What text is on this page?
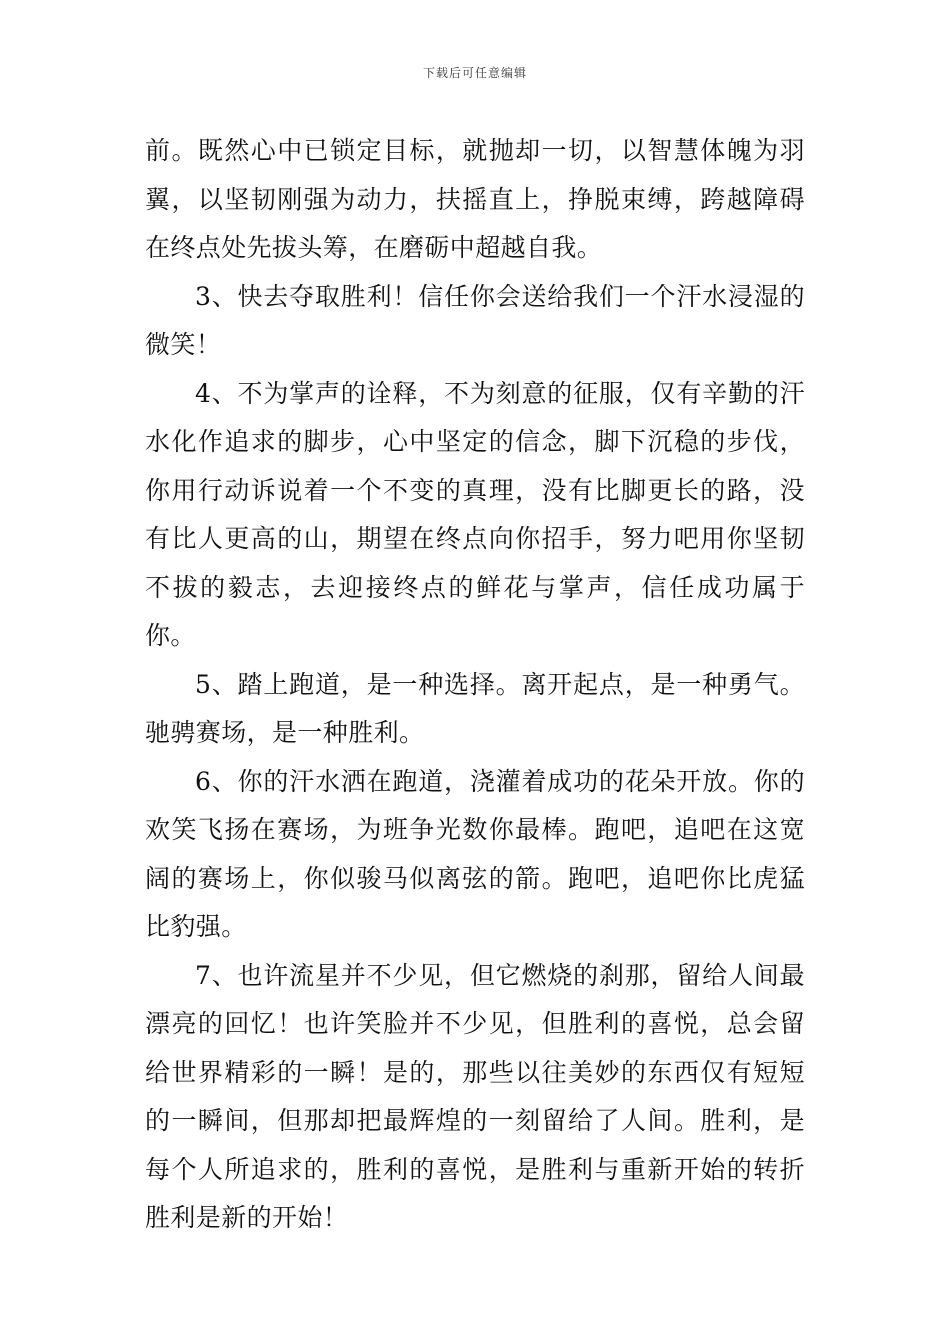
下载后可任意编辑

前。既然心中已锁定目标，就抛却一切，以智慧体魄为羽翼，以坚韧刚强为动力，扶摇直上，挣脱束缚，跨越障碍在终点处先拔头筹，在磨砺中超越自我。

3、快去夺取胜利！信任你会送给我们一个汗水浸湿的微笑！

4、不为掌声的诠释，不为刻意的征服，仅有辛勤的汗水化作追求的脚步，心中坚定的信念，脚下沉稳的步伐，你用行动诉说着一个不变的真理，没有比脚更长的路，没有比人更高的山，期望在终点向你招手，努力吧用你坚韧不拔的毅志，去迎接终点的鲜花与掌声，信任成功属于你。

5、踏上跑道，是一种选择。离开起点，是一种勇气。驰骋赛场，是一种胜利。

6、你的汗水洒在跑道，浇灌着成功的花朵开放。你的欢笑飞扬在赛场，为班争光数你最棒。跑吧，追吧在这宽阔的赛场上，你似骏马似离弦的箭。跑吧，追吧你比虎猛比豹强。

7、也许流星并不少见，但它燃烧的刹那，留给人间最漂亮的回忆！也许笑脸并不少见，但胜利的喜悦，总会留给世界精彩的一瞬！是的，那些以往美妙的东西仅有短短的一瞬间，但那却把最辉煌的一刻留给了人间。胜利，是每个人所追求的，胜利的喜悦，是胜利与重新开始的转折胜利是新的开始！
